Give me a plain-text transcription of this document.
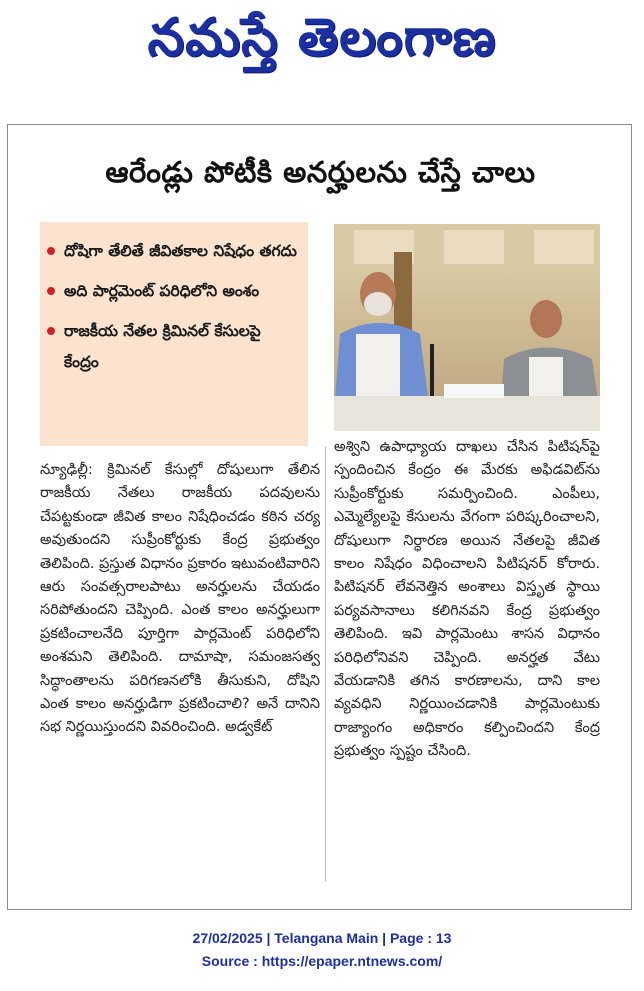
నమస్తే తెలంగాణ
ఆరేండ్లు పోటీకి అనర్హులను చేస్తే చాలు
దోషిగా తేలితే జీవితకాల నిషేధం తగదు
అది పార్లమెంట్ పరిధిలోని అంశం
రాజకీయ నేతల క్రిమినల్ కేసులపై కేంద్రం
న్యూఢిల్లీ: క్రిమినల్ కేసుల్లో దోషులుగా తేలిన రాజకీయ నేతలు రాజకీయ పదవులను చేపట్టకుండా జీవిత కాలం నిషేధించడం కఠిన చర్య అవుతుందని సుప్రీంకోర్టుకు కేంద్ర ప్రభుత్వం తెలిపింది. ప్రస్తుత విధానం ప్రకారం ఇటువంటివారిని ఆరు సంవత్సరాలపాటు అనర్హులను చేయడం సరిపోతుందని చెప్పింది. ఎంత కాలం అనర్హులుగా ప్రకటించాలనేది పూర్తిగా పార్లమెంట్ పరిధిలోని అంశమని తెలిపింది. దామాషా, సమంజసత్వ సిద్ధాంతాలను పరిగణనలోకి తీసుకుని, దోషిని ఎంత కాలం అనర్హుడిగా ప్రకటించాలి? అనే దానిని సభ నిర్ణయిస్తుందని వివరించింది. అడ్వకేట్
అశ్విని ఉపాధ్యాయ దాఖలు చేసిన పిటిషన్‌పై స్పందించిన కేంద్రం ఈ మేరకు అఫిడవిట్‌ను సుప్రీంకోర్టుకు సమర్పించింది. ఎంపీలు, ఎమ్మెల్యేలపై కేసులను వేగంగా పరిష్కరించాలని, దోషులుగా నిర్ధారణ అయిన నేతలపై జీవిత కాలం నిషేధం విధించాలని పిటిషనర్ కోరారు. పిటిషనర్ లేవనెత్తిన అంశాలు విస్తృత స్థాయి పర్యవసానాలు కలిగినవని కేంద్ర ప్రభుత్వం తెలిపింది. ఇవి పార్లమెంటు శాసన విధానం పరిధిలోనివని చెప్పింది. అనర్హత వేటు వేయడానికి తగిన కారణాలను, దాని కాల వ్యవధిని నిర్ణయించడానికి పార్లమెంటుకు రాజ్యాంగం అధికారం కల్పించిందని కేంద్ర ప్రభుత్వం స్పష్టం చేసింది.
27/02/2025 | Telangana Main | Page : 13
Source : https://epaper.ntnews.com/
